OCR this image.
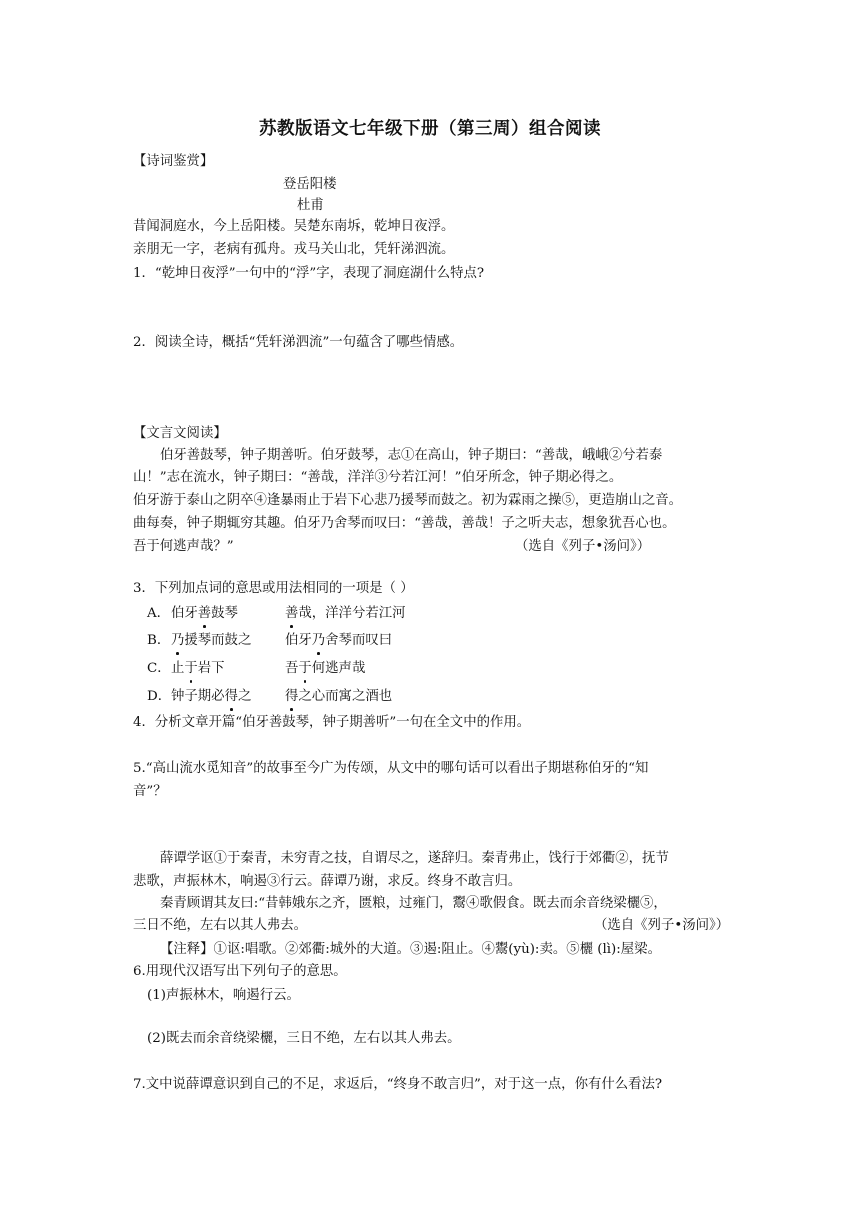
苏教版语文七年级下册（第三周）组合阅读

【诗词鉴赏】

登岳阳楼

杜甫

昔闻洞庭水，今上岳阳楼。吴楚东南坼，乾坤日夜浮。

亲朋无一字，老病有孤舟。戎马关山北，凭轩涕泗流。

1．“乾坤日夜浮”一句中的“浮”字，表现了洞庭湖什么特点?

2．阅读全诗，概括“凭轩涕泗流”一句蕴含了哪些情感。

【文言文阅读】

伯牙善鼓琴，钟子期善听。伯牙鼓琴，志①在高山，钟子期曰：“善哉，峨峨②兮若泰

山！”志在流水，钟子期曰：“善哉，洋洋③兮若江河！”伯牙所念，钟子期必得之。

伯牙游于泰山之阴卒④逢暴雨止于岩下心悲乃援琴而鼓之。初为霖雨之操⑤，更造崩山之音。

曲每奏，钟子期辄穷其趣。伯牙乃舍琴而叹曰：“善哉，善哉！子之听夫志，想象犹吾心也。

吾于何逃声哉？”	（选自《列子•汤问》）

3．下列加点词的意思或用法相同的一项是（ ）

A． 伯牙善鼓琴	善哉，洋洋兮若江河
B． 乃援琴而鼓之	伯牙乃舍琴而叹曰
C． 止于岩下	吾于何逃声哉
D． 钟子期必得之	得之心而寓之酒也

4．分析文章开篇“伯牙善鼓琴，钟子期善听”一句在全文中的作用。

5.“高山流水觅知音”的故事至今广为传颂，从文中的哪句话可以看出子期堪称伯牙的“知

音”？

薛谭学讴①于秦青，未穷青之技，自谓尽之，遂辞归。秦青弗止，饯行于郊衢②，抚节

悲歌，声振林木，响遏③行云。薛谭乃谢，求反。终身不敢言归。

秦青顾谓其友曰:“昔韩娥东之齐，匮粮，过雍门，鬻④歌假食。既去而余音绕梁欐⑤，

三日不绝，左右以其人弗去。	（选自《列子•汤问》）

【注释】①讴:唱歌。②郊衢:城外的大道。③遏:阻止。④鬻(yù):卖。⑤欐 (lì):屋梁。

6.用现代汉语写出下列句子的意思。

(1)声振林木，响遏行云。

(2)既去而余音绕梁欐，三日不绝，左右以其人弗去。

7.文中说薛谭意识到自己的不足，求返后，“终身不敢言归”，对于这一点，你有什么看法?
